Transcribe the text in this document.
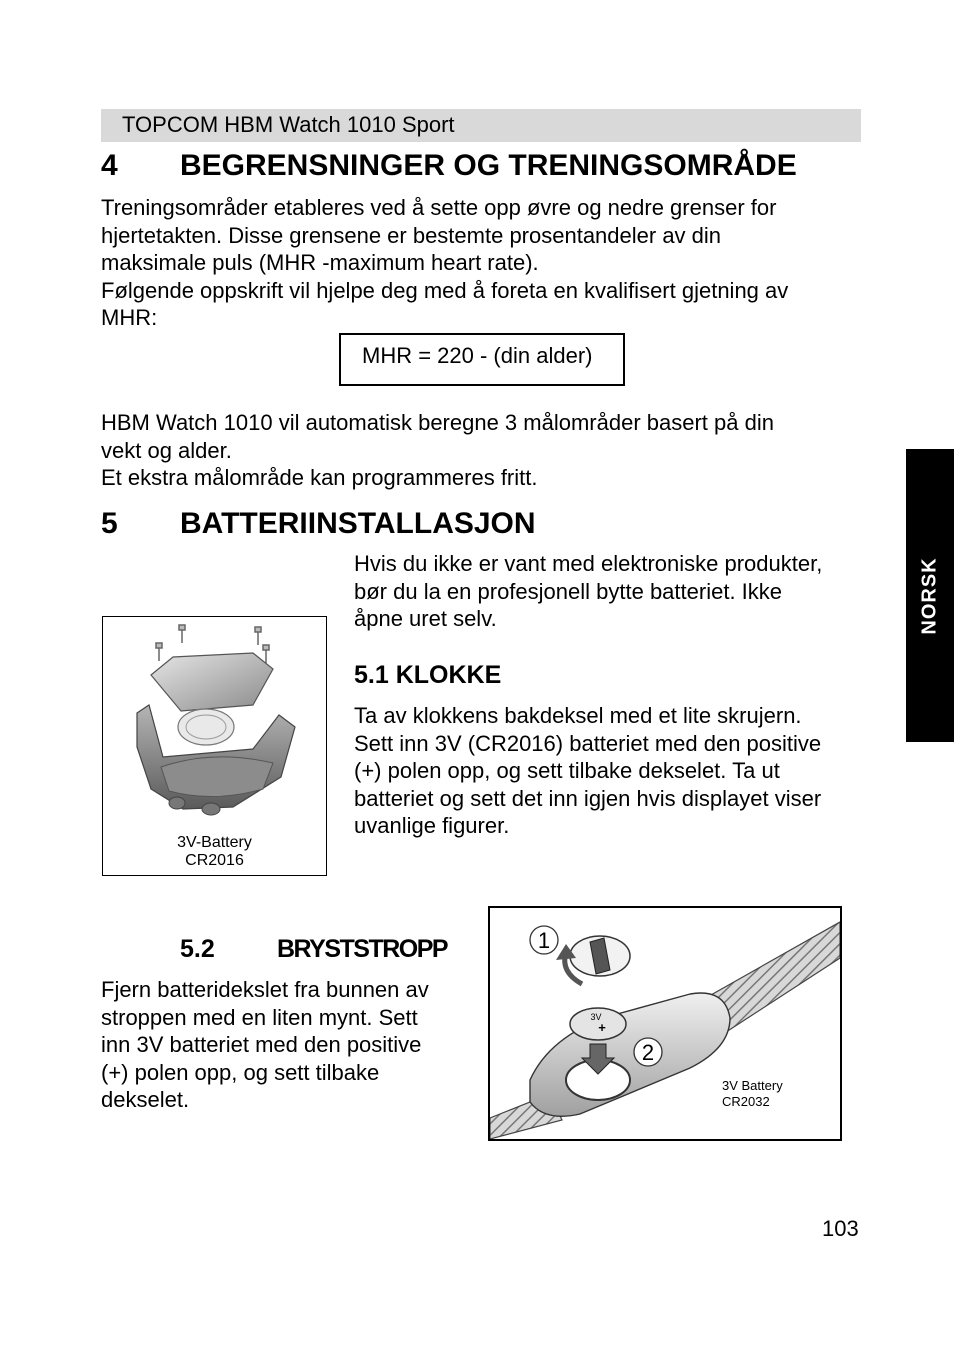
TOPCOM HBM Watch 1010 Sport
4 BEGRENSNINGER OG TRENINGSOMRÅDE

Treningsområder etableres ved å sette opp øvre og nedre grenser for

hjertetakten. Disse grensene er bestemte prosentandeler av din

maksimale puls (MHR -maximum heart rate).

Følgende oppskrift vil hjelpe deg med å foreta en kvalifisert gjetning av

MHR:

MHR = 220 - (din alder)

HBM Watch 1010 vil automatisk beregne 3 målområder basert på din

vekt og alder.

Et ekstra målområde kan programmeres fritt.

NORSK
5 BATTERIINSTALLASJON

Hvis du ikke er vant med elektroniske produkter,

bør du la en profesjonell bytte batteriet. Ikke

åpne uret selv.

3V-Battery
CR2016
5.1 KLOKKE

Ta av klokkens bakdeksel med et lite skrujern.

Sett inn 3V (CR2016) batteriet med den positive

(+) polen opp, og sett tilbake dekselet. Ta ut

batteriet og sett det inn igjen hvis displayet viser

uvanlige figurer.

5.2 BRYSTSTROPP

Fjern batteridekslet fra bunnen av

stroppen med en liten mynt. Sett

inn 3V batteriet med den positive

(+) polen opp, og sett tilbake

dekselet.

1
2
3V
+
3V Battery
CR2032
103
